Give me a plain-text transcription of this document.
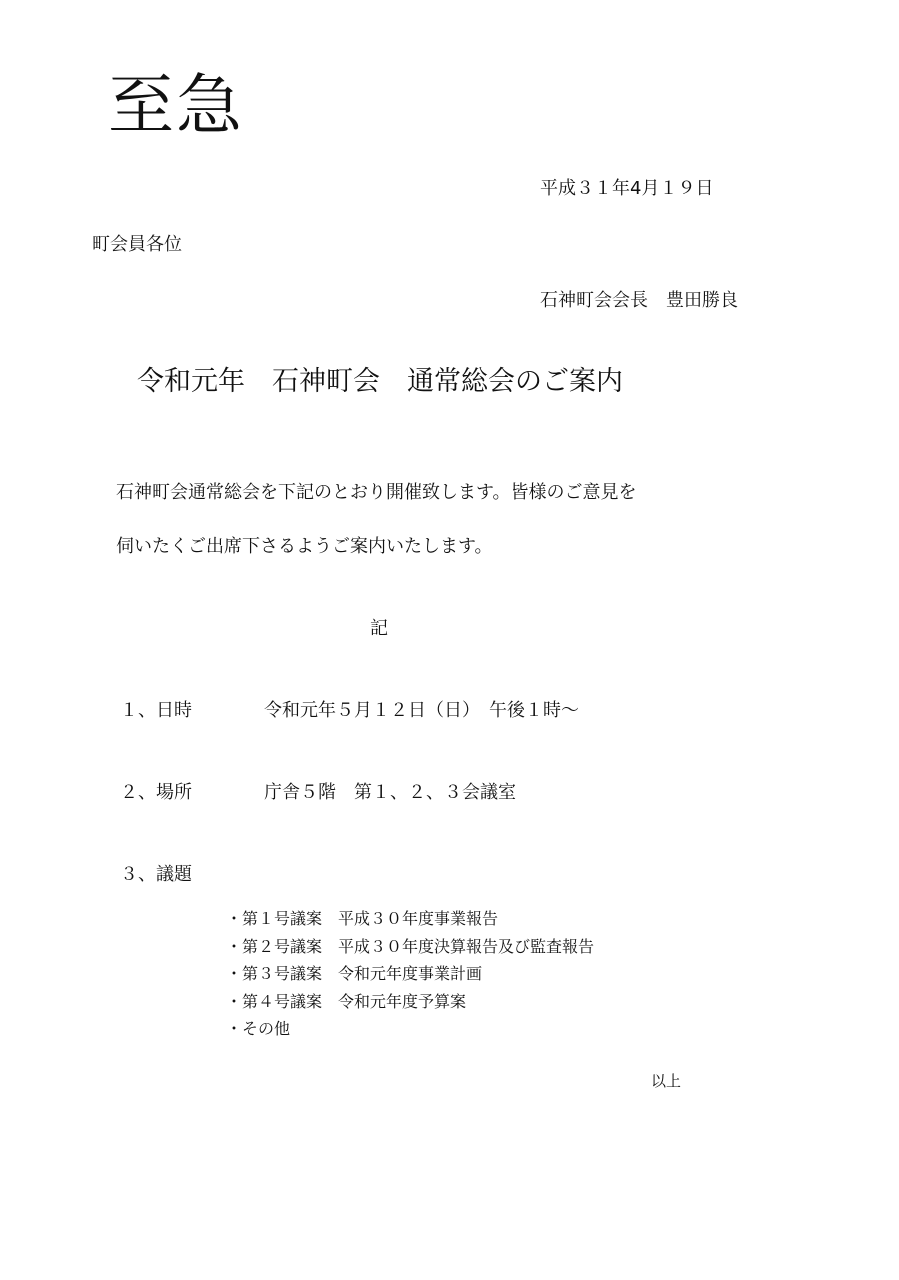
至急
平成３１年4月１９日
町会員各位
石神町会会長　豊田勝良
令和元年　石神町会　通常総会のご案内
石神町会通常総会を下記のとおり開催致します。皆様のご意見を
伺いたくご出席下さるようご案内いたします。
記
１、日時	令和元年５月１２日（日）　午後１時～
２、場所	庁舎５階　第１、２、３会議室
３、議題
・第１号議案　平成３０年度事業報告
・第２号議案　平成３０年度決算報告及び監査報告
・第３号議案　令和元年度事業計画
・第４号議案　令和元年度予算案
・その他
以上
